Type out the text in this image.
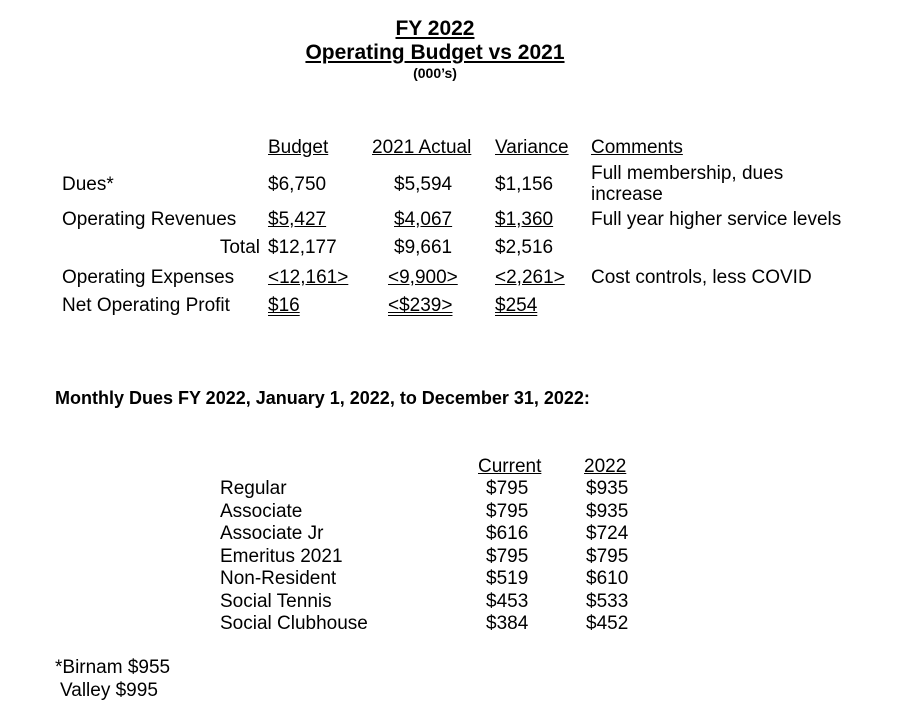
FY 2022
Operating Budget vs 2021
(000’s)
Budget 2021 Actual Variance Comments
Dues*	$6,750	$5,594 $1,156
Full membership, dues
increase
Operating Revenues $5,427	$4,067 $1,360 Full year higher service levels
Total $12,177	$9,661 $2,516
Operating Expenses <12,161> <9,900> <2,261> Cost controls, less COVID
Net Operating Profit $16	<$239> $254
Monthly Dues FY 2022, January 1, 2022, to December 31, 2022:
Current 2022
Regular	$795	$935
Associate	$795	$935
Associate Jr	$616	$724
Emeritus 2021	$795	$795
Non-Resident	$519	$610
Social Tennis	$453	$533
Social Clubhouse	$384	$452
*Birnam $955
Valley $995
